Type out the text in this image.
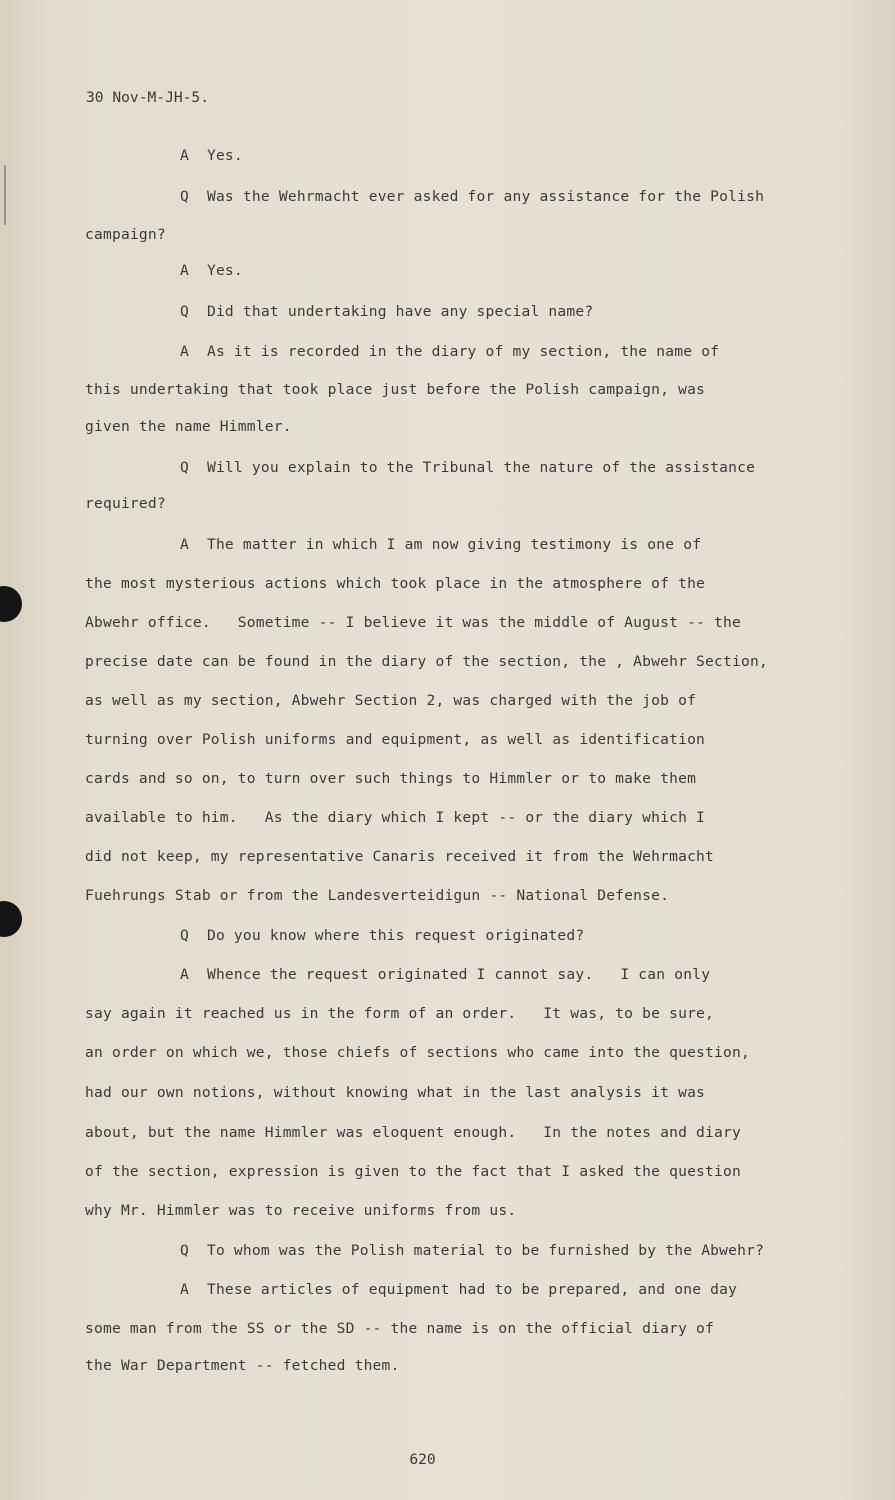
30 Nov-M-JH-5.
A  Yes.
Q  Was the Wehrmacht ever asked for any assistance for the Polish
campaign?
A  Yes.
Q  Did that undertaking have any special name?
A  As it is recorded in the diary of my section, the name of
this undertaking that took place just before the Polish campaign, was
given the name Himmler.
Q  Will you explain to the Tribunal the nature of the assistance
required?
A  The matter in which I am now giving testimony is one of
the most mysterious actions which took place in the atmosphere of the
Abwehr office.   Sometime -- I believe it was the middle of August -- the
precise date can be found in the diary of the section, the , Abwehr Section,
as well as my section, Abwehr Section 2, was charged with the job of
turning over Polish uniforms and equipment, as well as identification
cards and so on, to turn over such things to Himmler or to make them
available to him.   As the diary which I kept -- or the diary which I
did not keep, my representative Canaris received it from the Wehrmacht
Fuehrungs Stab or from the Landesverteidigun -- National Defense.
Q  Do you know where this request originated?
A  Whence the request originated I cannot say.   I can only
say again it reached us in the form of an order.   It was, to be sure,
an order on which we, those chiefs of sections who came into the question,
had our own notions, without knowing what in the last analysis it was
about, but the name Himmler was eloquent enough.   In the notes and diary
of the section, expression is given to the fact that I asked the question
why Mr. Himmler was to receive uniforms from us.
Q  To whom was the Polish material to be furnished by the Abwehr?
A  These articles of equipment had to be prepared, and one day
some man from the SS or the SD -- the name is on the official diary of
the War Department -- fetched them.
620
